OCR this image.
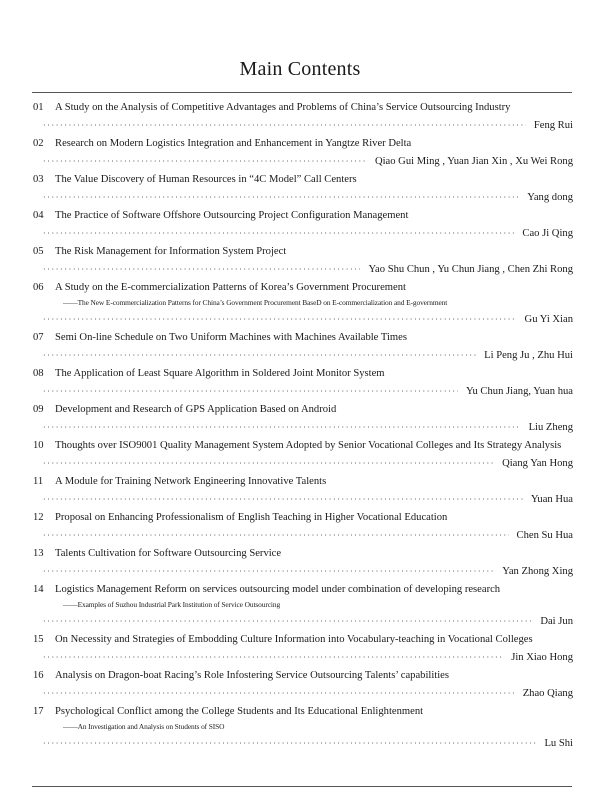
Main Contents
01	A Study on the Analysis of Competitive Advantages and Problems of China’s Service Outsourcing Industry
·····
Feng Rui
02	Research on Modern Logistics Integration and Enhancement in Yangtze River Delta
·····
Qiao Gui Ming , Yuan Jian Xin , Xu Wei Rong
03	The Value Discovery of Human Resources in “4C Model” Call Centers
·····
Yang dong
04	The Practice of Software Offshore Outsourcing Project Configuration Management
·····
Cao Ji Qing
05	The Risk Management for Information System Project
·····
Yao Shu Chun , Yu Chun Jiang , Chen Zhi Rong
06	A Study on the E-commercialization Patterns of Korea’s Government Procurement
——The New E-commercialization Patterns for China’s Government Procurement BaseD on E-commercialization and E-government
·····
Gu Yi Xian
07	Semi On-line Schedule on Two Uniform Machines with Machines Available Times
·····
Li Peng Ju , Zhu Hui
08	The Application of Least Square Algorithm in Soldered Joint Monitor System
·····
Yu Chun Jiang, Yuan hua
09	Development and Research of GPS Application Based on Android
·····
Liu Zheng
10	Thoughts over ISO9001 Quality Management System Adopted by Senior Vocational Colleges and Its Strategy Analysis
·····
Qiang Yan Hong
11	A Module for Training Network Engineering Innovative Talents
·····
Yuan Hua
12	Proposal on Enhancing Professionalism of English Teaching in Higher Vocational Education
·····
Chen Su Hua
13	Talents Cultivation for Software Outsourcing Service
·····
Yan Zhong Xing
14	Logistics Management Reform on services outsourcing model under combination of developing research
——Examples of Suzhou Industrial Park Institution of Service Outsourcing
·····
Dai Jun
15	On Necessity and Strategies of Embodding Culture Information into Vocabulary-teaching in Vocational Colleges
·····
Jin Xiao Hong
16	Analysis on Dragon-boat Racing’s Role Infostering Service Outsourcing Talents’ capabilities
·····
Zhao Qiang
17	Psychological Conflict among the College Students and Its Educational Enlightenment
——An Investigation and Analysis on Students of SISO
·····
Lu Shi
